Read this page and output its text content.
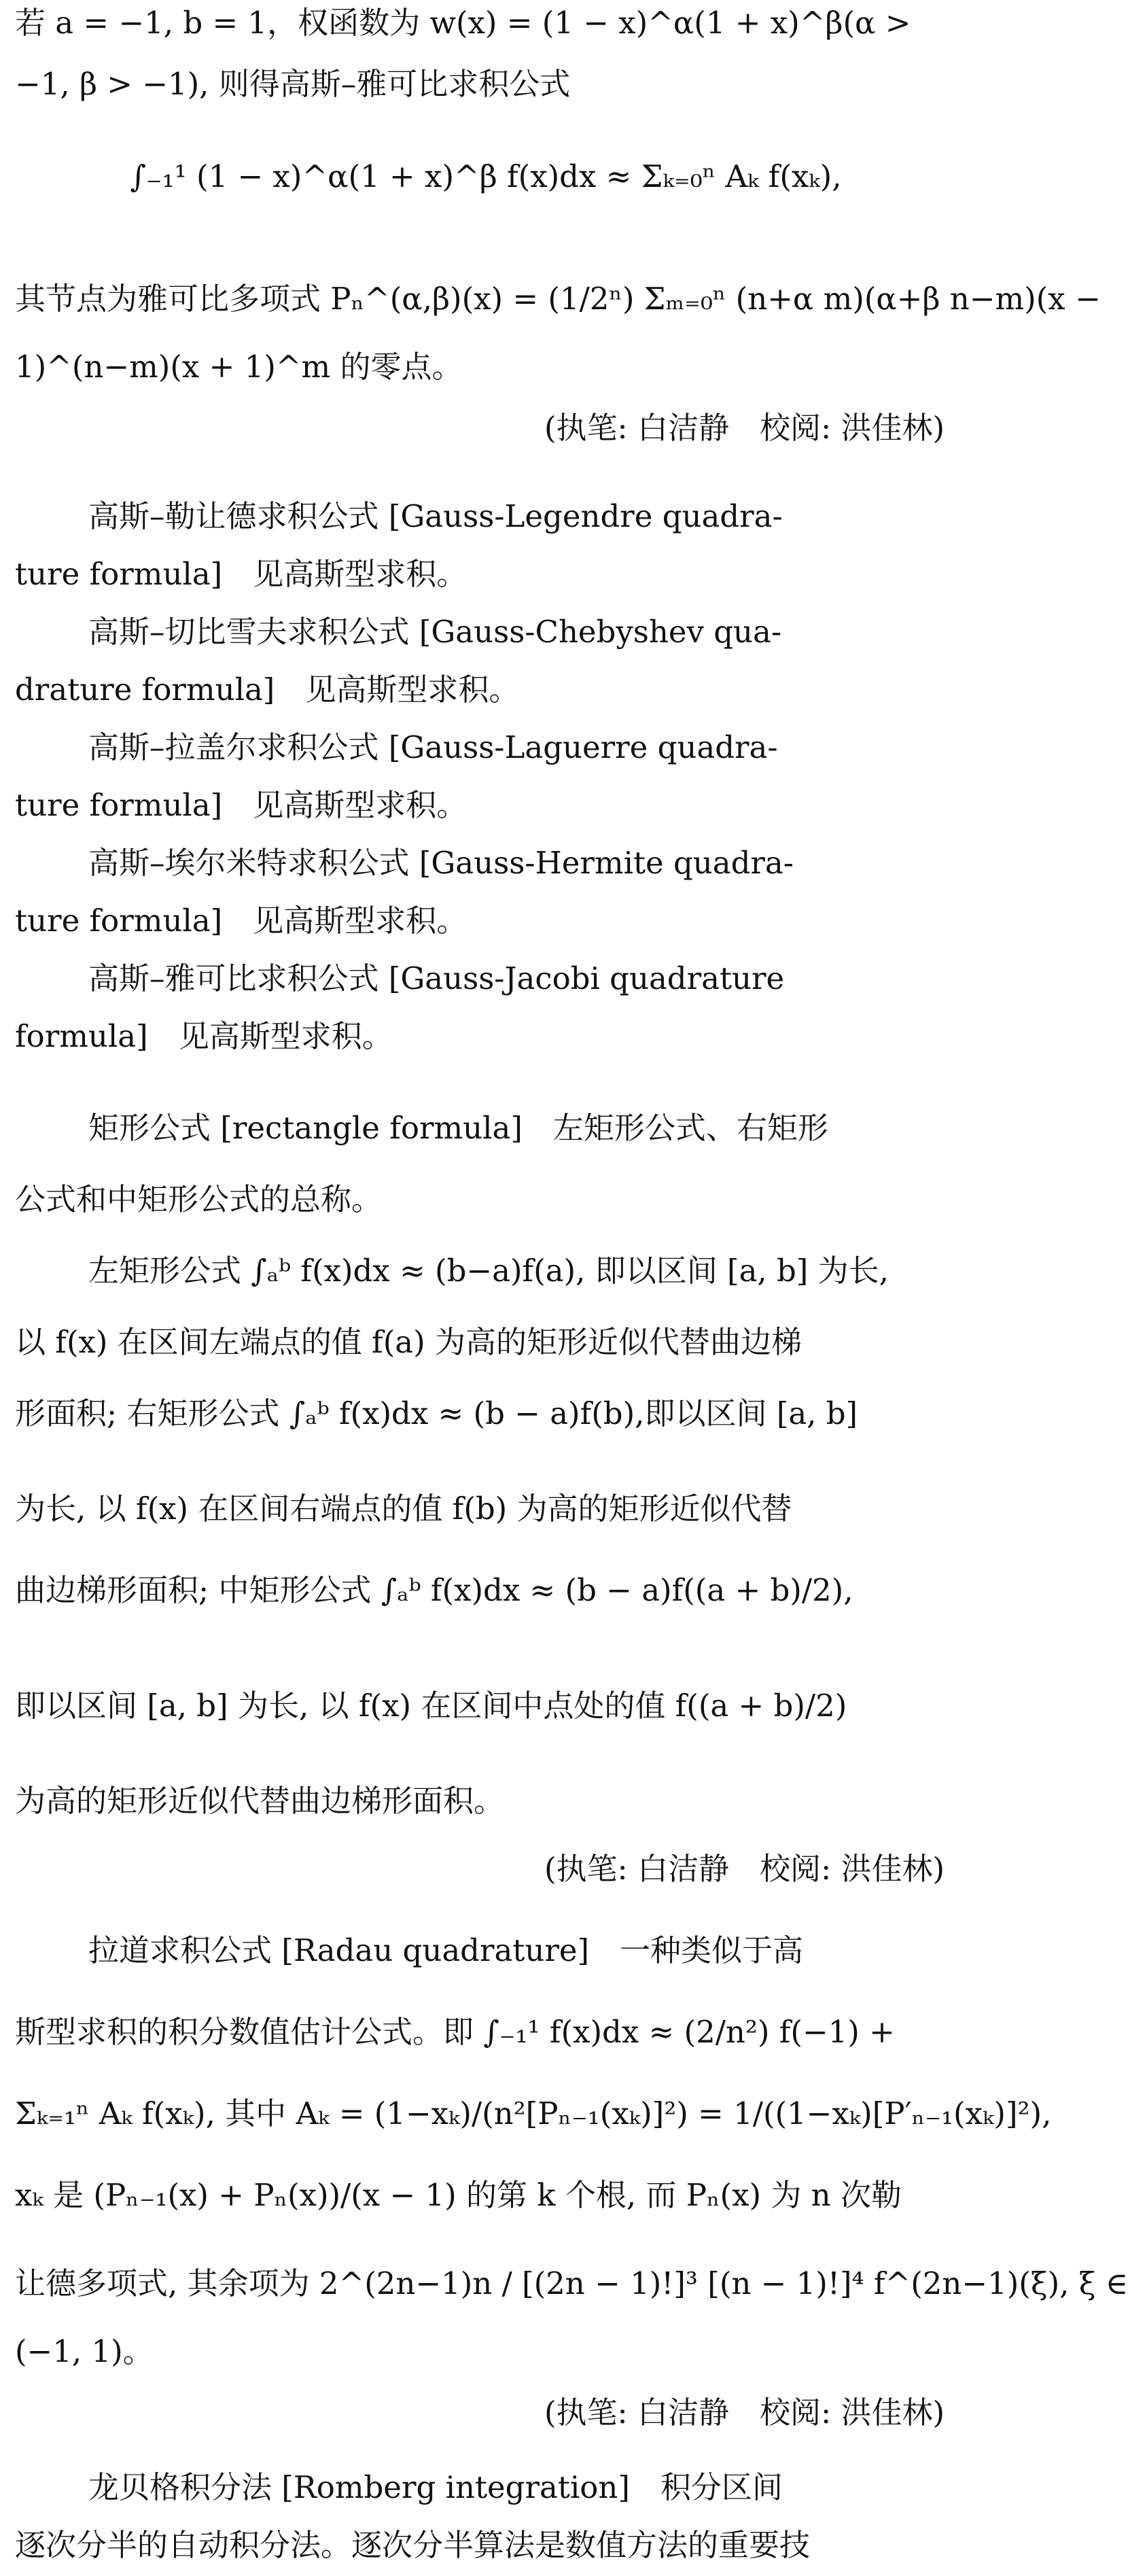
若 a = −1, b = 1，权函数为 w(x) = (1 − x)^α(1 + x)^β(α >
−1, β > −1), 则得高斯–雅可比求积公式
∫₋₁¹ (1 − x)^α(1 + x)^β f(x)dx ≈ Σₖ₌₀ⁿ Aₖ f(xₖ),
其节点为雅可比多项式 Pₙ^(α,β)(x) = (1/2ⁿ) Σₘ₌₀ⁿ (n+α m)(α+β n−m)(x −
1)^(n−m)(x + 1)^m 的零点。
(执笔: 白洁静　校阅: 洪佳林)
高斯–勒让德求积公式 [Gauss-Legendre quadra-
ture formula]　见高斯型求积。
高斯–切比雪夫求积公式 [Gauss-Chebyshev qua-
drature formula]　见高斯型求积。
高斯–拉盖尔求积公式 [Gauss-Laguerre quadra-
ture formula]　见高斯型求积。
高斯–埃尔米特求积公式 [Gauss-Hermite quadra-
ture formula]　见高斯型求积。
高斯–雅可比求积公式 [Gauss-Jacobi quadrature
formula]　见高斯型求积。
矩形公式 [rectangle formula]　左矩形公式、右矩形
公式和中矩形公式的总称。
左矩形公式 ∫ₐᵇ f(x)dx ≈ (b−a)f(a), 即以区间 [a, b] 为长,
以 f(x) 在区间左端点的值 f(a) 为高的矩形近似代替曲边梯
形面积; 右矩形公式 ∫ₐᵇ f(x)dx ≈ (b − a)f(b),即以区间 [a, b]
为长, 以 f(x) 在区间右端点的值 f(b) 为高的矩形近似代替
曲边梯形面积; 中矩形公式 ∫ₐᵇ f(x)dx ≈ (b − a)f((a + b)/2),
即以区间 [a, b] 为长, 以 f(x) 在区间中点处的值 f((a + b)/2)
为高的矩形近似代替曲边梯形面积。
(执笔: 白洁静　校阅: 洪佳林)
拉道求积公式 [Radau quadrature]　一种类似于高
斯型求积的积分数值估计公式。即 ∫₋₁¹ f(x)dx ≈ (2/n²) f(−1) +
Σₖ₌₁ⁿ Aₖ f(xₖ), 其中 Aₖ = (1−xₖ)/(n²[Pₙ₋₁(xₖ)]²) = 1/((1−xₖ)[P′ₙ₋₁(xₖ)]²),
xₖ 是 (Pₙ₋₁(x) + Pₙ(x))/(x − 1) 的第 k 个根, 而 Pₙ(x) 为 n 次勒
让德多项式, 其余项为 2^(2n−1)n / [(2n − 1)!]³ [(n − 1)!]⁴ f^(2n−1)(ξ), ξ ∈
(−1, 1)。
(执笔: 白洁静　校阅: 洪佳林)
龙贝格积分法 [Romberg integration]　积分区间
逐次分半的自动积分法。逐次分半算法是数值方法的重要技
